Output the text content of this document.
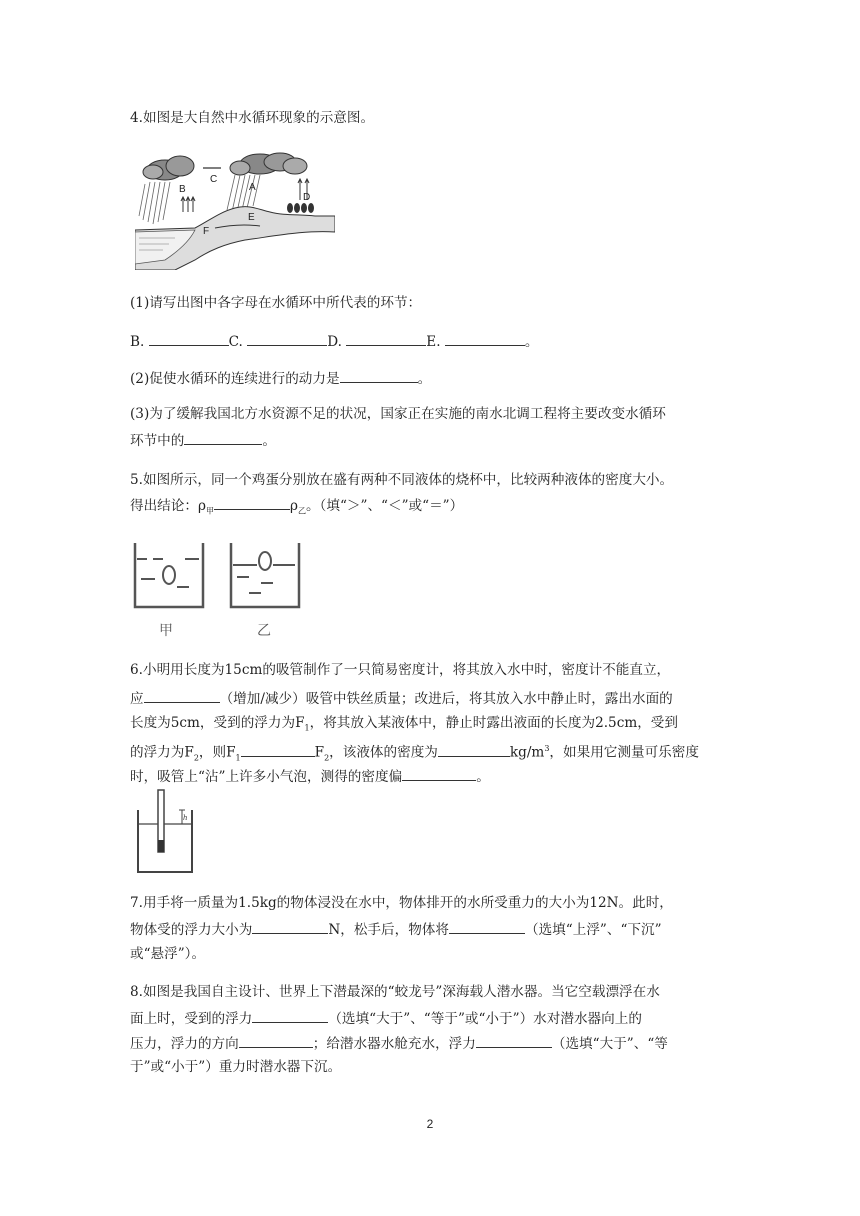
4.如图是大自然中水循环现象的示意图。
A
B
C
D
E
F
(1)请写出图中各字母在水循环中所代表的环节：
B.	C.	D.	E.	。
(2)促使水循环的连续进行的动力是	。
(3)为了缓解我国北方水资源不足的状况，国家正在实施的南水北调工程将主要改变水循环
环节中的	。
5.如图所示，同一个鸡蛋分别放在盛有两种不同液体的烧杯中，比较两种液体的密度大小。
得出结论：$\rho_甲$	$\rho_乙$。（填“＞”、“＜”或“＝”）
甲	乙
6.小明用长度为15cm的吸管制作了一只简易密度计，将其放入水中时，密度计不能直立，
应	（增加/减少）吸管中铁丝质量；改进后，将其放入水中静止时，露出水面的
长度为5cm，受到的浮力为$F_1$，将其放入某液体中，静止时露出液面的长度为2.5cm，受到
的浮力为$F_2$，则$F_1$	$F_2$，该液体的密度为	$kg/m^3$，如果用它测量可乐密度
时，吸管上“沾”上许多小气泡，测得的密度偏	。
h
7.用手将一质量为1.5kg的物体浸没在水中，物体排开的水所受重力的大小为12N。此时，
物体受的浮力大小为	N，松手后，物体将	（选填“上浮”、“下沉”
或“悬浮”）。
8.如图是我国自主设计、世界上下潜最深的“蛟龙号”深海载人潜水器。当它空载漂浮在水
面上时，受到的浮力	（选填“大于”、“等于”或“小于”）水对潜水器向上的
压力，浮力的方向	；给潜水器水舱充水，浮力	（选填“大于”、“等
于”或“小于”）重力时潜水器下沉。
2
